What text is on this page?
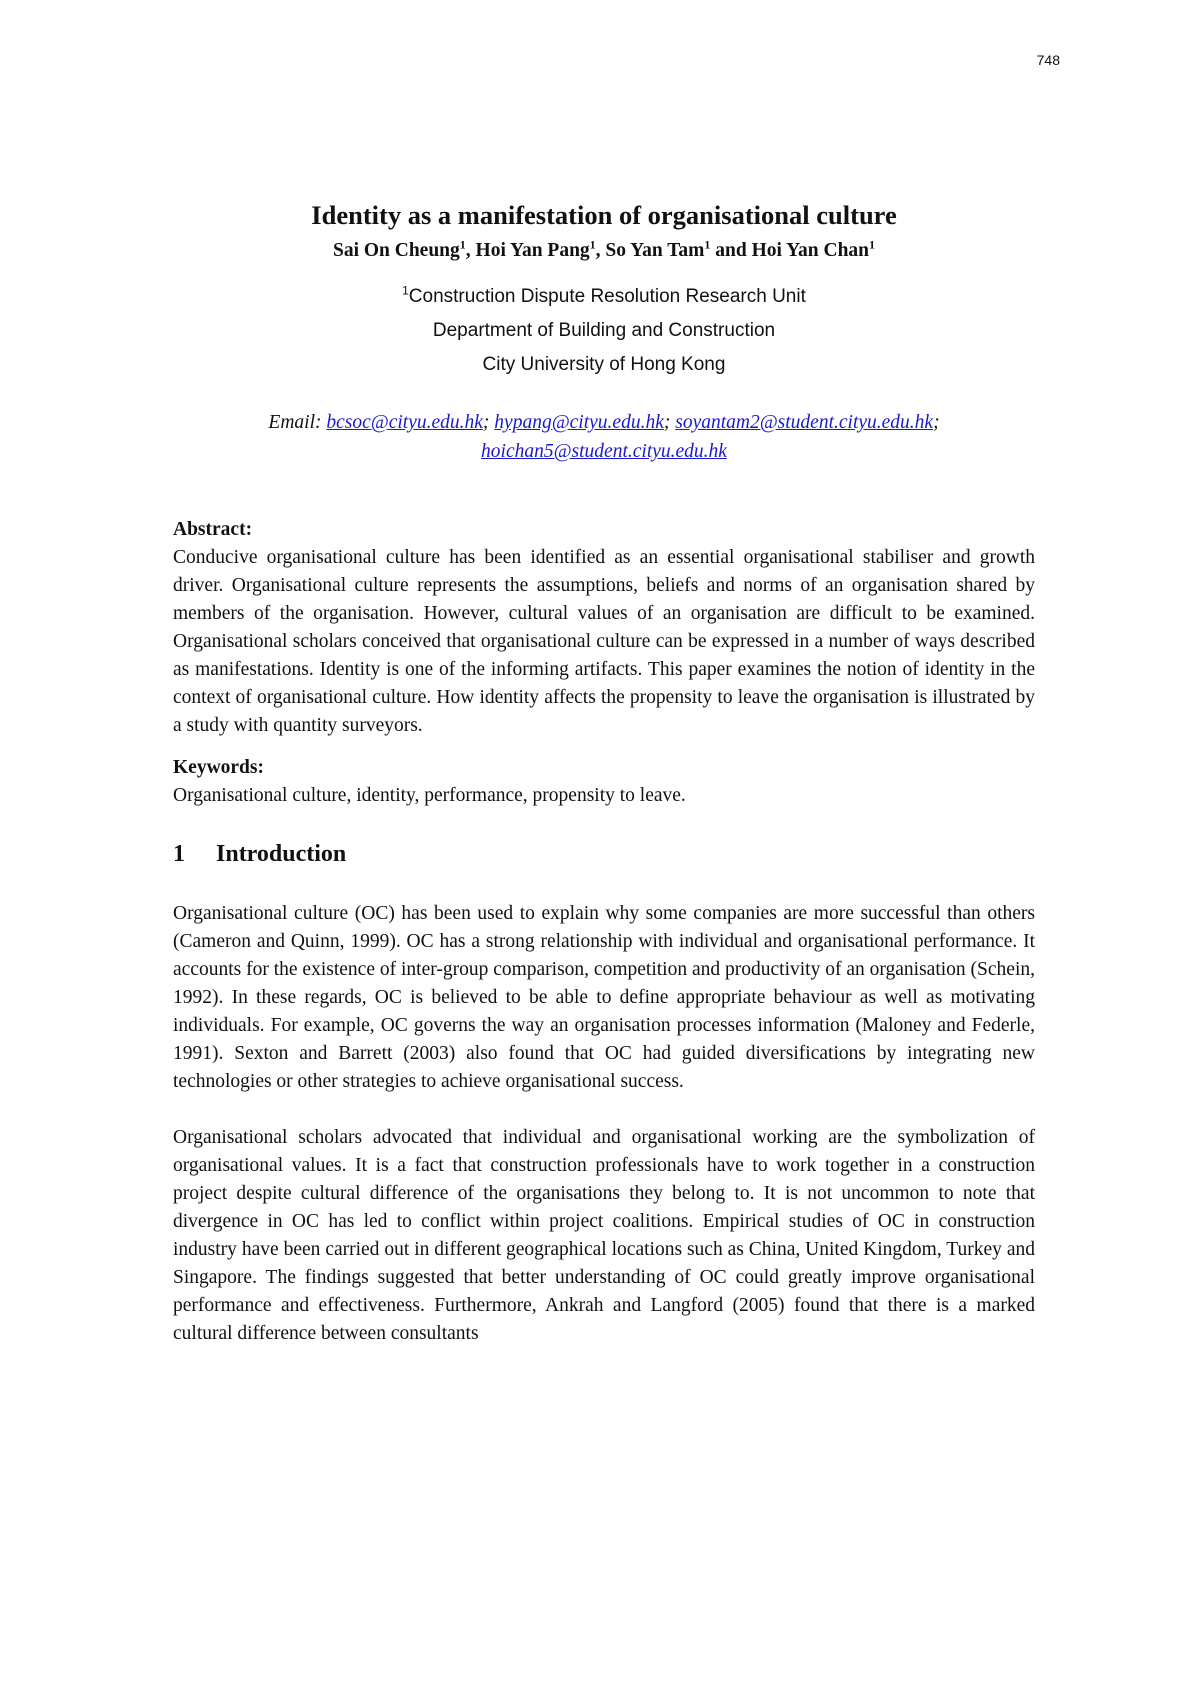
748
Identity as a manifestation of organisational culture
Sai On Cheung$^1$, Hoi Yan Pang$^1$, So Yan Tam$^1$ and Hoi Yan Chan$^1$
$^1$Construction Dispute Resolution Research Unit
Department of Building and Construction
City University of Hong Kong
Email: bcsoc@cityu.edu.hk; hypang@cityu.edu.hk; soyantam2@student.cityu.edu.hk;
hoichan5@student.cityu.edu.hk

Abstract:

Conducive organisational culture has been identified as an essential organisational stabiliser and growth driver. Organisational culture represents the assumptions, beliefs and norms of an organisation shared by members of the organisation. However, cultural values of an organisation are difficult to be examined. Organisational scholars conceived that organisational culture can be expressed in a number of ways described as manifestations. Identity is one of the informing artifacts. This paper examines the notion of identity in the context of organisational culture. How identity affects the propensity to leave the organisation is illustrated by a study with quantity surveyors.

Keywords:

Organisational culture, identity, performance, propensity to leave.

1	Introduction

Organisational culture (OC) has been used to explain why some companies are more successful than others (Cameron and Quinn, 1999). OC has a strong relationship with individual and organisational performance. It accounts for the existence of inter-group comparison, competition and productivity of an organisation (Schein, 1992). In these regards, OC is believed to be able to define appropriate behaviour as well as motivating individuals. For example, OC governs the way an organisation processes information (Maloney and Federle, 1991). Sexton and Barrett (2003) also found that OC had guided diversifications by integrating new technologies or other strategies to achieve organisational success.

Organisational scholars advocated that individual and organisational working are the symbolization of organisational values. It is a fact that construction professionals have to work together in a construction project despite cultural difference of the organisations they belong to. It is not uncommon to note that divergence in OC has led to conflict within project coalitions. Empirical studies of OC in construction industry have been carried out in different geographical locations such as China, United Kingdom, Turkey and Singapore. The findings suggested that better understanding of OC could greatly improve organisational performance and effectiveness. Furthermore, Ankrah and Langford (2005) found that there is a marked cultural difference between consultants
